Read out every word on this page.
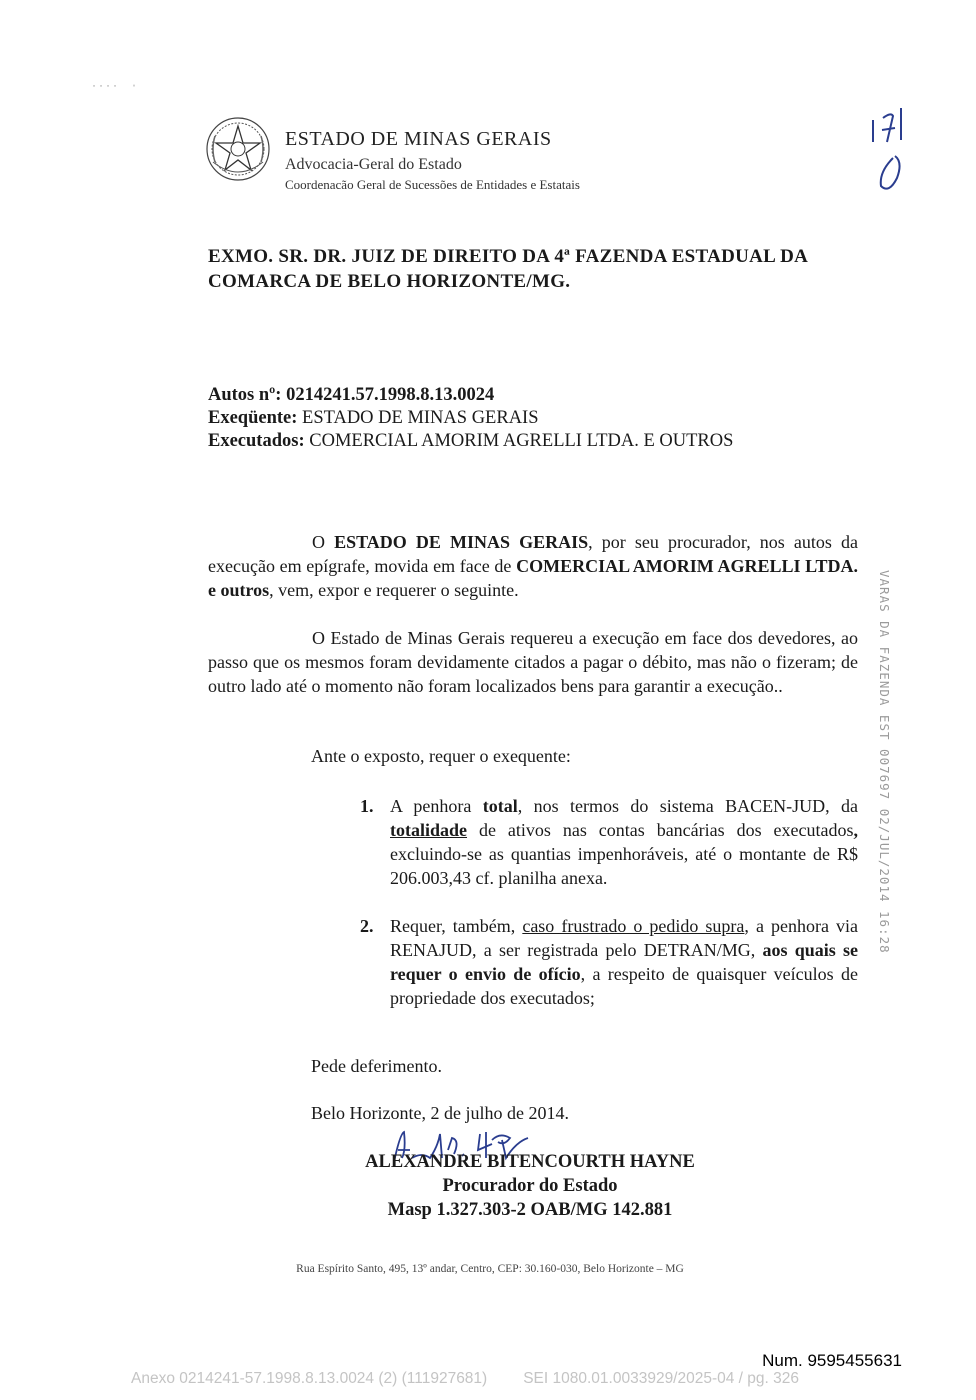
˙ ˙ ˙ ˙     ˈ
ESTADO DE MINAS GERAIS
Advocacia-Geral do Estado
Coordenacão Geral de Sucessões de Entidades e Estatais
EXMO. SR. DR. JUIZ DE DIREITO DA 4ª FAZENDA ESTADUAL DA
COMARCA DE BELO HORIZONTE/MG.
Autos nº: 0214241.57.1998.8.13.0024
Exeqüente: ESTADO DE MINAS GERAIS
Executados: COMERCIAL AMORIM AGRELLI LTDA. E OUTROS
O ESTADO DE MINAS GERAIS, por seu procurador, nos autos da execução em epígrafe, movida em face de COMERCIAL AMORIM AGRELLI LTDA. e outros, vem, expor e requerer o seguinte.
O Estado de Minas Gerais requereu a execução em face dos devedores, ao passo que os mesmos foram devidamente citados a pagar o débito, mas não o fizeram; de outro lado até o momento não foram localizados bens para garantir a execução..
Ante o exposto, requer o exequente:
1. A penhora total, nos termos do sistema BACEN-JUD, da totalidade de ativos nas contas bancárias dos executados, excluindo-se as quantias impenhoráveis, até o montante de R$ 206.003,43 cf. planilha anexa.
2. Requer, também, caso frustrado o pedido supra, a penhora via RENAJUD, a ser registrada pelo DETRAN/MG, aos quais se requer o envio de ofício, a respeito de quaisquer veículos de propriedade dos executados;
Pede deferimento.
Belo Horizonte, 2 de julho de 2014.
ALEXANDRE BITENCOURTH HAYNE
Procurador do Estado
Masp 1.327.303-2 OAB/MG 142.881
Rua Espírito Santo, 495, 13º andar, Centro, CEP: 30.160-030, Belo Horizonte – MG
VARAS DA FAZENDA EST 007697 02/JUL/2014 16:28
Num. 9595455631
Anexo 0214241-57.1998.8.13.0024 (2) (111927681) SEI 1080.01.0033929/2025-04 / pg. 326
